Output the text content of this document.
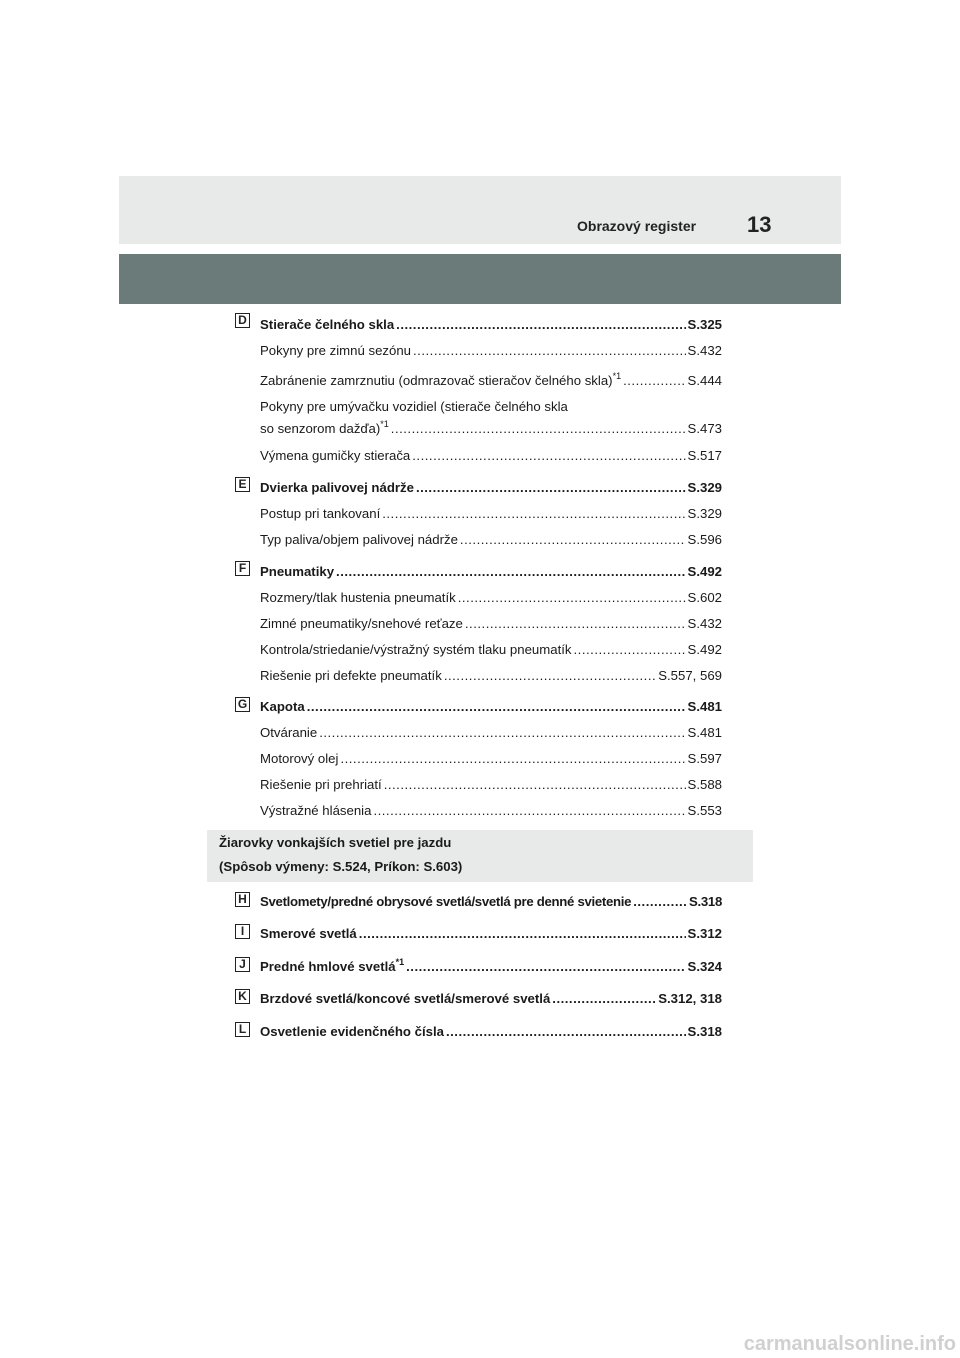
Obrazový register 13
D Stierače čelného skla .....	S.325
Pokyny pre zimnú sezónu .....	S.432
Zabránenie zamrznutiu (odmrazovač stieračov čelného skla)$^{*1}$ .....	S.444
Pokyny pre umývačku vozidiel (stierače čelného skla
so senzorom dažďa)$^{*1}$ .....	S.473
Výmena gumičky stierača .....	S.517
E Dvierka palivovej nádrže .....	S.329
Postup pri tankovaní .....	S.329
Typ paliva/objem palivovej nádrže .....	S.596
F Pneumatiky .....	S.492
Rozmery/tlak hustenia pneumatík .....	S.602
Zimné pneumatiky/snehové reťaze .....	S.432
Kontrola/striedanie/výstražný systém tlaku pneumatík .....	S.492
Riešenie pri defekte pneumatík .....	S.557, 569
G Kapota .....	S.481
Otváranie .....	S.481
Motorový olej .....	S.597
Riešenie pri prehriatí .....	S.588
Výstražné hlásenia .....	S.553
Žiarovky vonkajších svetiel pre jazdu
(Spôsob výmeny: S.524, Príkon: S.603)
H Svetlomety/predné obrysové svetlá/svetlá pre denné svietenie .....	S.318
I	Smerové svetlá .....	S.312
J	Predné hmlové svetlá$^{*1}$ .....	S.324
K Brzdové svetlá/koncové svetlá/smerové svetlá .....	S.312, 318
L Osvetlenie evidenčného čísla .....	S.318
carmanualsonline.info
